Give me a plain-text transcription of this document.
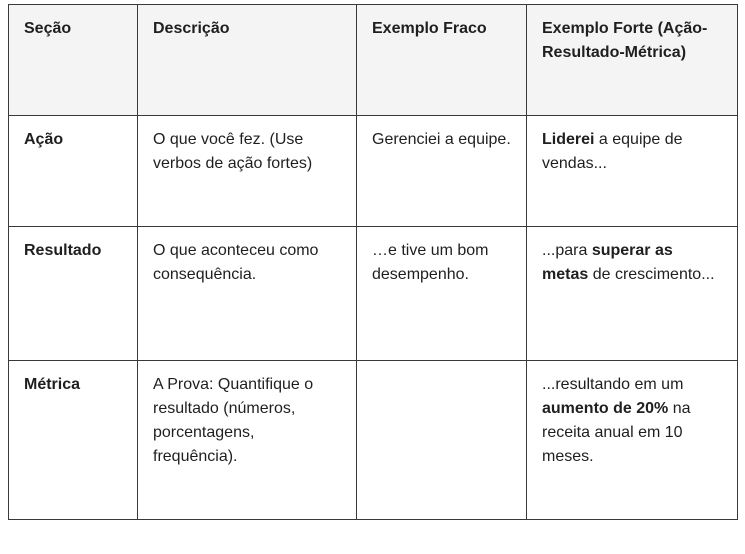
Seção	Descrição	Exemplo Fraco	Exemplo Forte (Ação-Resultado-Métrica)
Ação	O que você fez. (Use verbos de ação fortes)	Gerenciei a equipe.	Liderei a equipe de vendas...
Resultado	O que aconteceu como consequência.	…e tive um bom desempenho.	...para superar as metas de crescimento...
Métrica	A Prova: Quantifique o resultado (números, porcentagens, frequência).		...resultando em um aumento de 20% na receita anual em 10 meses.
